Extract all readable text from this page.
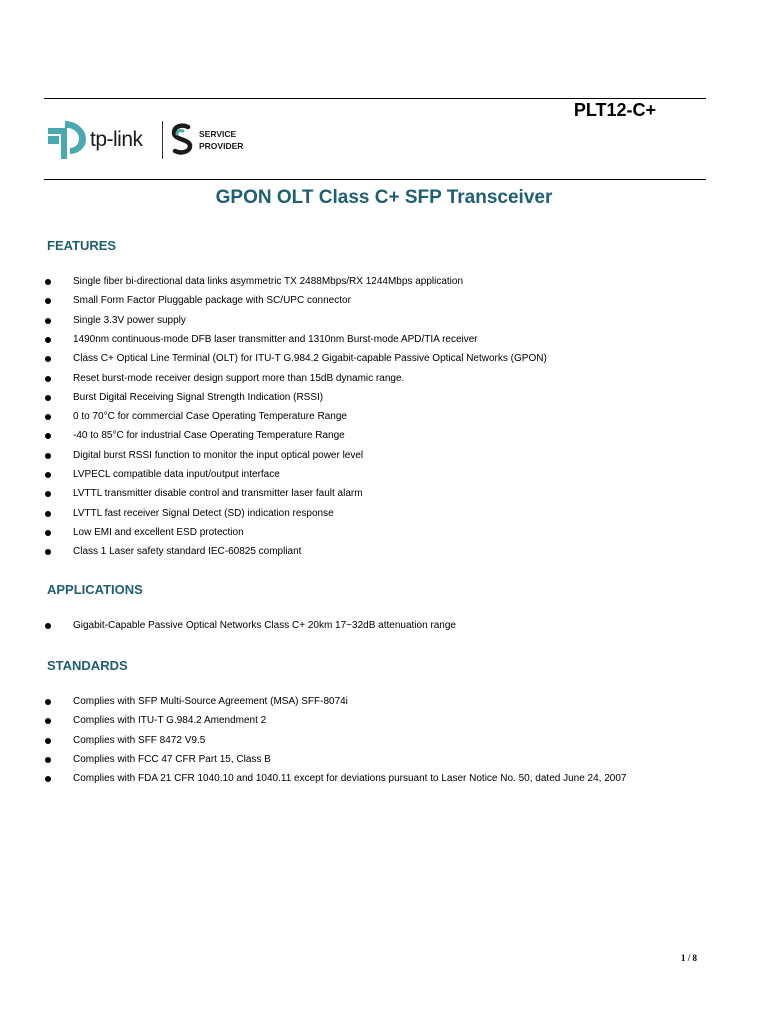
PLT12-C+
tp-link	SERVICE
PROVIDER
GPON OLT Class C+ SFP Transceiver
FEATURES
Single fiber bi-directional data links asymmetric TX 2488Mbps/RX 1244Mbps application
Small Form Factor Pluggable package with SC/UPC connector
Single 3.3V power supply
1490nm continuous-mode DFB laser transmitter and 1310nm Burst-mode APD/TIA receiver
Class C+ Optical Line Terminal (OLT) for ITU-T G.984.2 Gigabit-capable Passive Optical Networks (GPON)
Reset burst-mode receiver design support more than 15dB dynamic range.
Burst Digital Receiving Signal Strength Indication (RSSI)
0 to 70°C for commercial Case Operating Temperature Range
-40 to 85°C for industrial Case Operating Temperature Range
Digital burst RSSI function to monitor the input optical power level
LVPECL compatible data input/output interface
LVTTL transmitter disable control and transmitter laser fault alarm
LVTTL fast receiver Signal Detect (SD) indication response
Low EMI and excellent ESD protection
Class 1 Laser safety standard IEC-60825 compliant
APPLICATIONS
Gigabit-Capable Passive Optical Networks Class C+ 20km 17~32dB attenuation range
STANDARDS
Complies with SFP Multi-Source Agreement (MSA) SFF-8074i
Complies with ITU-T G.984.2 Amendment 2
Complies with SFF 8472 V9.5
Complies with FCC 47 CFR Part 15, Class B
Complies with FDA 21 CFR 1040.10 and 1040.11 except for deviations pursuant to Laser Notice No. 50, dated June 24, 2007
1 / 8
